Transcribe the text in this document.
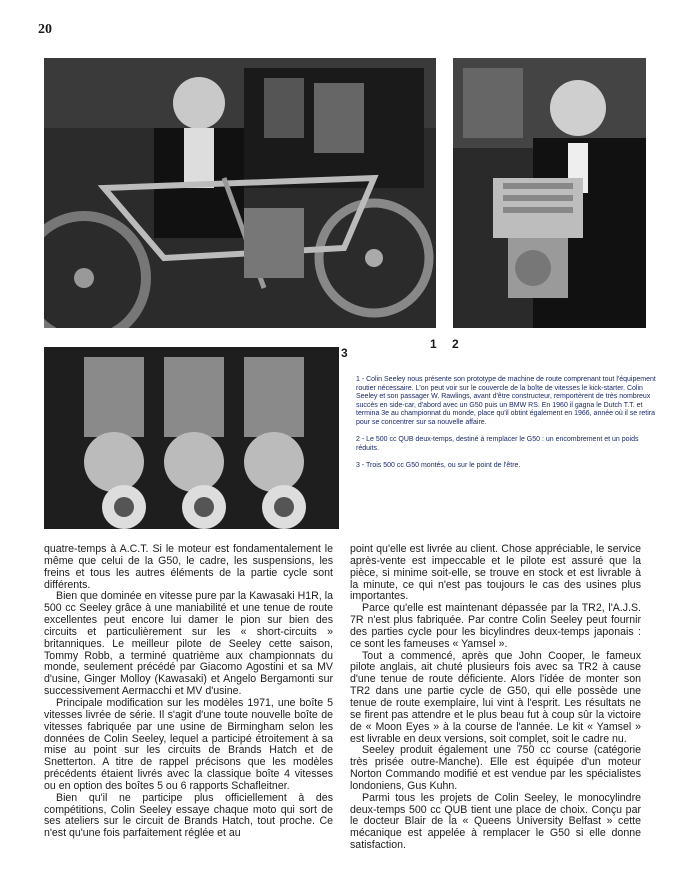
20
3
1 2

1 - Colin Seeley nous présente son prototype de machine de route comprenant tout l'équipement routier nécessaire. L'on peut voir sur le couvercle de la boîte de vitesses le kick-starter. Colin Seeley et son passager W. Rawlings, avant d'être constructeur, remportèrent de très nombreux succès en side-car, d'abord avec un G50 puis un BMW RS. En 1960 il gagna le Dutch T.T. et termina 3e au championnat du monde, place qu'il obtint également en 1966, année où il se retira pour se concentrer sur sa nouvelle affaire.

2 - Le 500 cc QUB deux-temps, destiné à remplacer le G50 : un encombrement et un poids réduits.

3 - Trois 500 cc G50 montés, ou sur le point de l'être.

quatre-temps à A.C.T. Si le moteur est fondamentalement le même que celui de la G50, le cadre, les suspensions, les freins et tous les autres éléments de la partie cycle sont différents.

Bien que dominée en vitesse pure par la Kawasaki H1R, la 500 cc Seeley grâce à une maniabilité et une tenue de route excellentes peut encore lui damer le pion sur bien des circuits et particulièrement sur les « short-circuits » britanniques. Le meilleur pilote de Seeley cette saison, Tommy Robb, a terminé quatrième aux championnats du monde, seulement précédé par Giacomo Agostini et sa MV d'usine, Ginger Molloy (Kawasaki) et Angelo Bergamonti sur successivement Aermacchi et MV d'usine.

Principale modification sur les modèles 1971, une boîte 5 vitesses livrée de série. Il s'agit d'une toute nouvelle boîte de vitesses fabriquée par une usine de Birmingham selon les données de Colin Seeley, lequel a participé étroitement à sa mise au point sur les circuits de Brands Hatch et de Snetterton. A titre de rappel précisons que les modèles précédents étaient livrés avec la classique boîte 4 vitesses ou en option des boîtes 5 ou 6 rapports Schafleitner.

Bien qu'il ne participe plus officiellement à des compétitions, Colin Seeley essaye chaque moto qui sort de ses ateliers sur le circuit de Brands Hatch, tout proche. Ce n'est qu'une fois parfaitement réglée et au

point qu'elle est livrée au client. Chose appréciable, le service après-vente est impeccable et le pilote est assuré que la pièce, si minime soit-elle, se trouve en stock et est livrable à la minute, ce qui n'est pas toujours le cas des usines plus importantes.

Parce qu'elle est maintenant dépassée par la TR2, l'A.J.S. 7R n'est plus fabriquée. Par contre Colin Seeley peut fournir des parties cycle pour les bicylindres deux-temps japonais : ce sont les fameuses « Yamsel ».

Tout a commencé, après que John Cooper, le fameux pilote anglais, ait chuté plusieurs fois avec sa TR2 à cause d'une tenue de route déficiente. Alors l'idée de monter son TR2 dans une partie cycle de G50, qui elle possède une tenue de route exemplaire, lui vint à l'esprit. Les résultats ne se firent pas attendre et le plus beau fut à coup sûr la victoire de « Moon Eyes » à la course de l'année. Le kit « Yamsel » est livrable en deux versions, soit complet, soit le cadre nu.

Seeley produit également une 750 cc course (catégorie très prisée outre-Manche). Elle est équipée d'un moteur Norton Commando modifié et est vendue par les spécialistes londoniens, Gus Kuhn.

Parmi tous les projets de Colin Seeley, le monocylindre deux-temps 500 cc QUB tient une place de choix. Conçu par le docteur Blair de la « Queens University Belfast » cette mécanique est appelée à remplacer le G50 si elle donne satisfaction.
